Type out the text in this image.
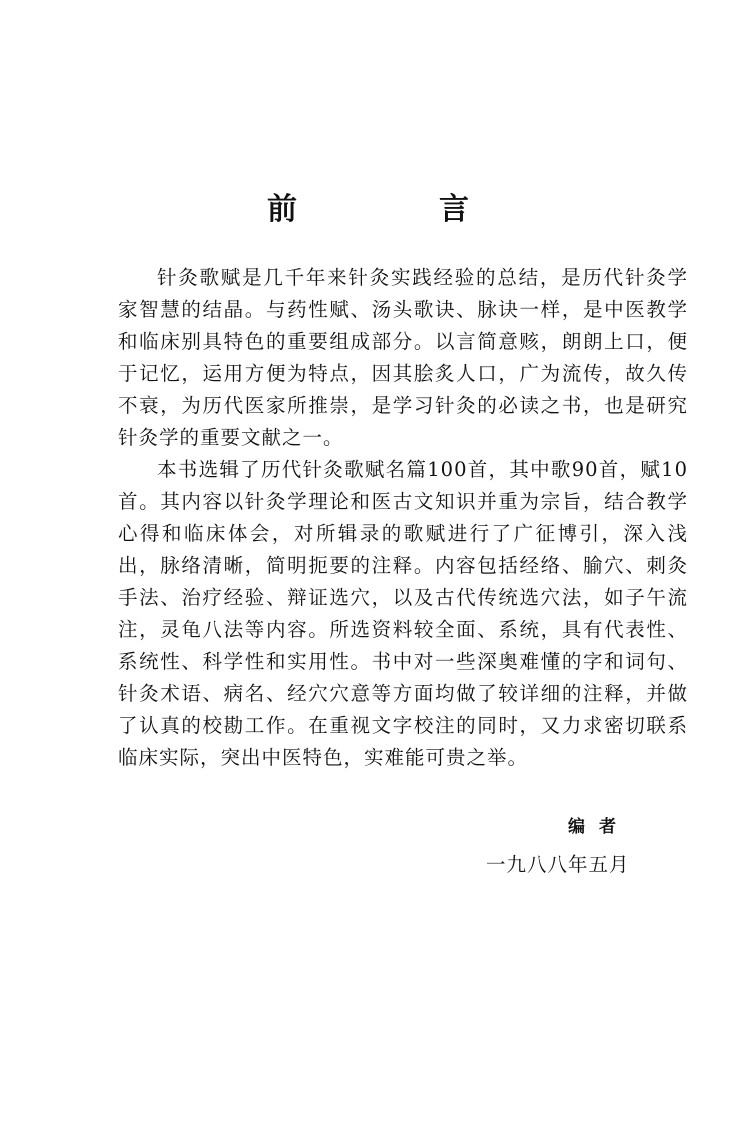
前　言

针灸歌赋是几千年来针灸实践经验的总结，是历代针灸学家智慧的结晶。与药性赋、汤头歌诀、脉诀一样，是中医教学和临床别具特色的重要组成部分。以言简意赅，朗朗上口，便于记忆，运用方便为特点，因其脍炙人口，广为流传，故久传不衰，为历代医家所推崇，是学习针灸的必读之书，也是研究针灸学的重要文献之一。

本书选辑了历代针灸歌赋名篇100首，其中歌90首，赋10首。其内容以针灸学理论和医古文知识并重为宗旨，结合教学心得和临床体会，对所辑录的歌赋进行了广征博引，深入浅出，脉络清晰，简明扼要的注释。内容包括经络、腧穴、刺灸手法、治疗经验、辩证选穴，以及古代传统选穴法，如子午流注，灵龟八法等内容。所选资料较全面、系统，具有代表性、系统性、科学性和实用性。书中对一些深奥难懂的字和词句、针灸术语、病名、经穴穴意等方面均做了较详细的注释，并做了认真的校勘工作。在重视文字校注的同时，又力求密切联系临床实际，突出中医特色，实难能可贵之举。

编者
一九八八年五月
